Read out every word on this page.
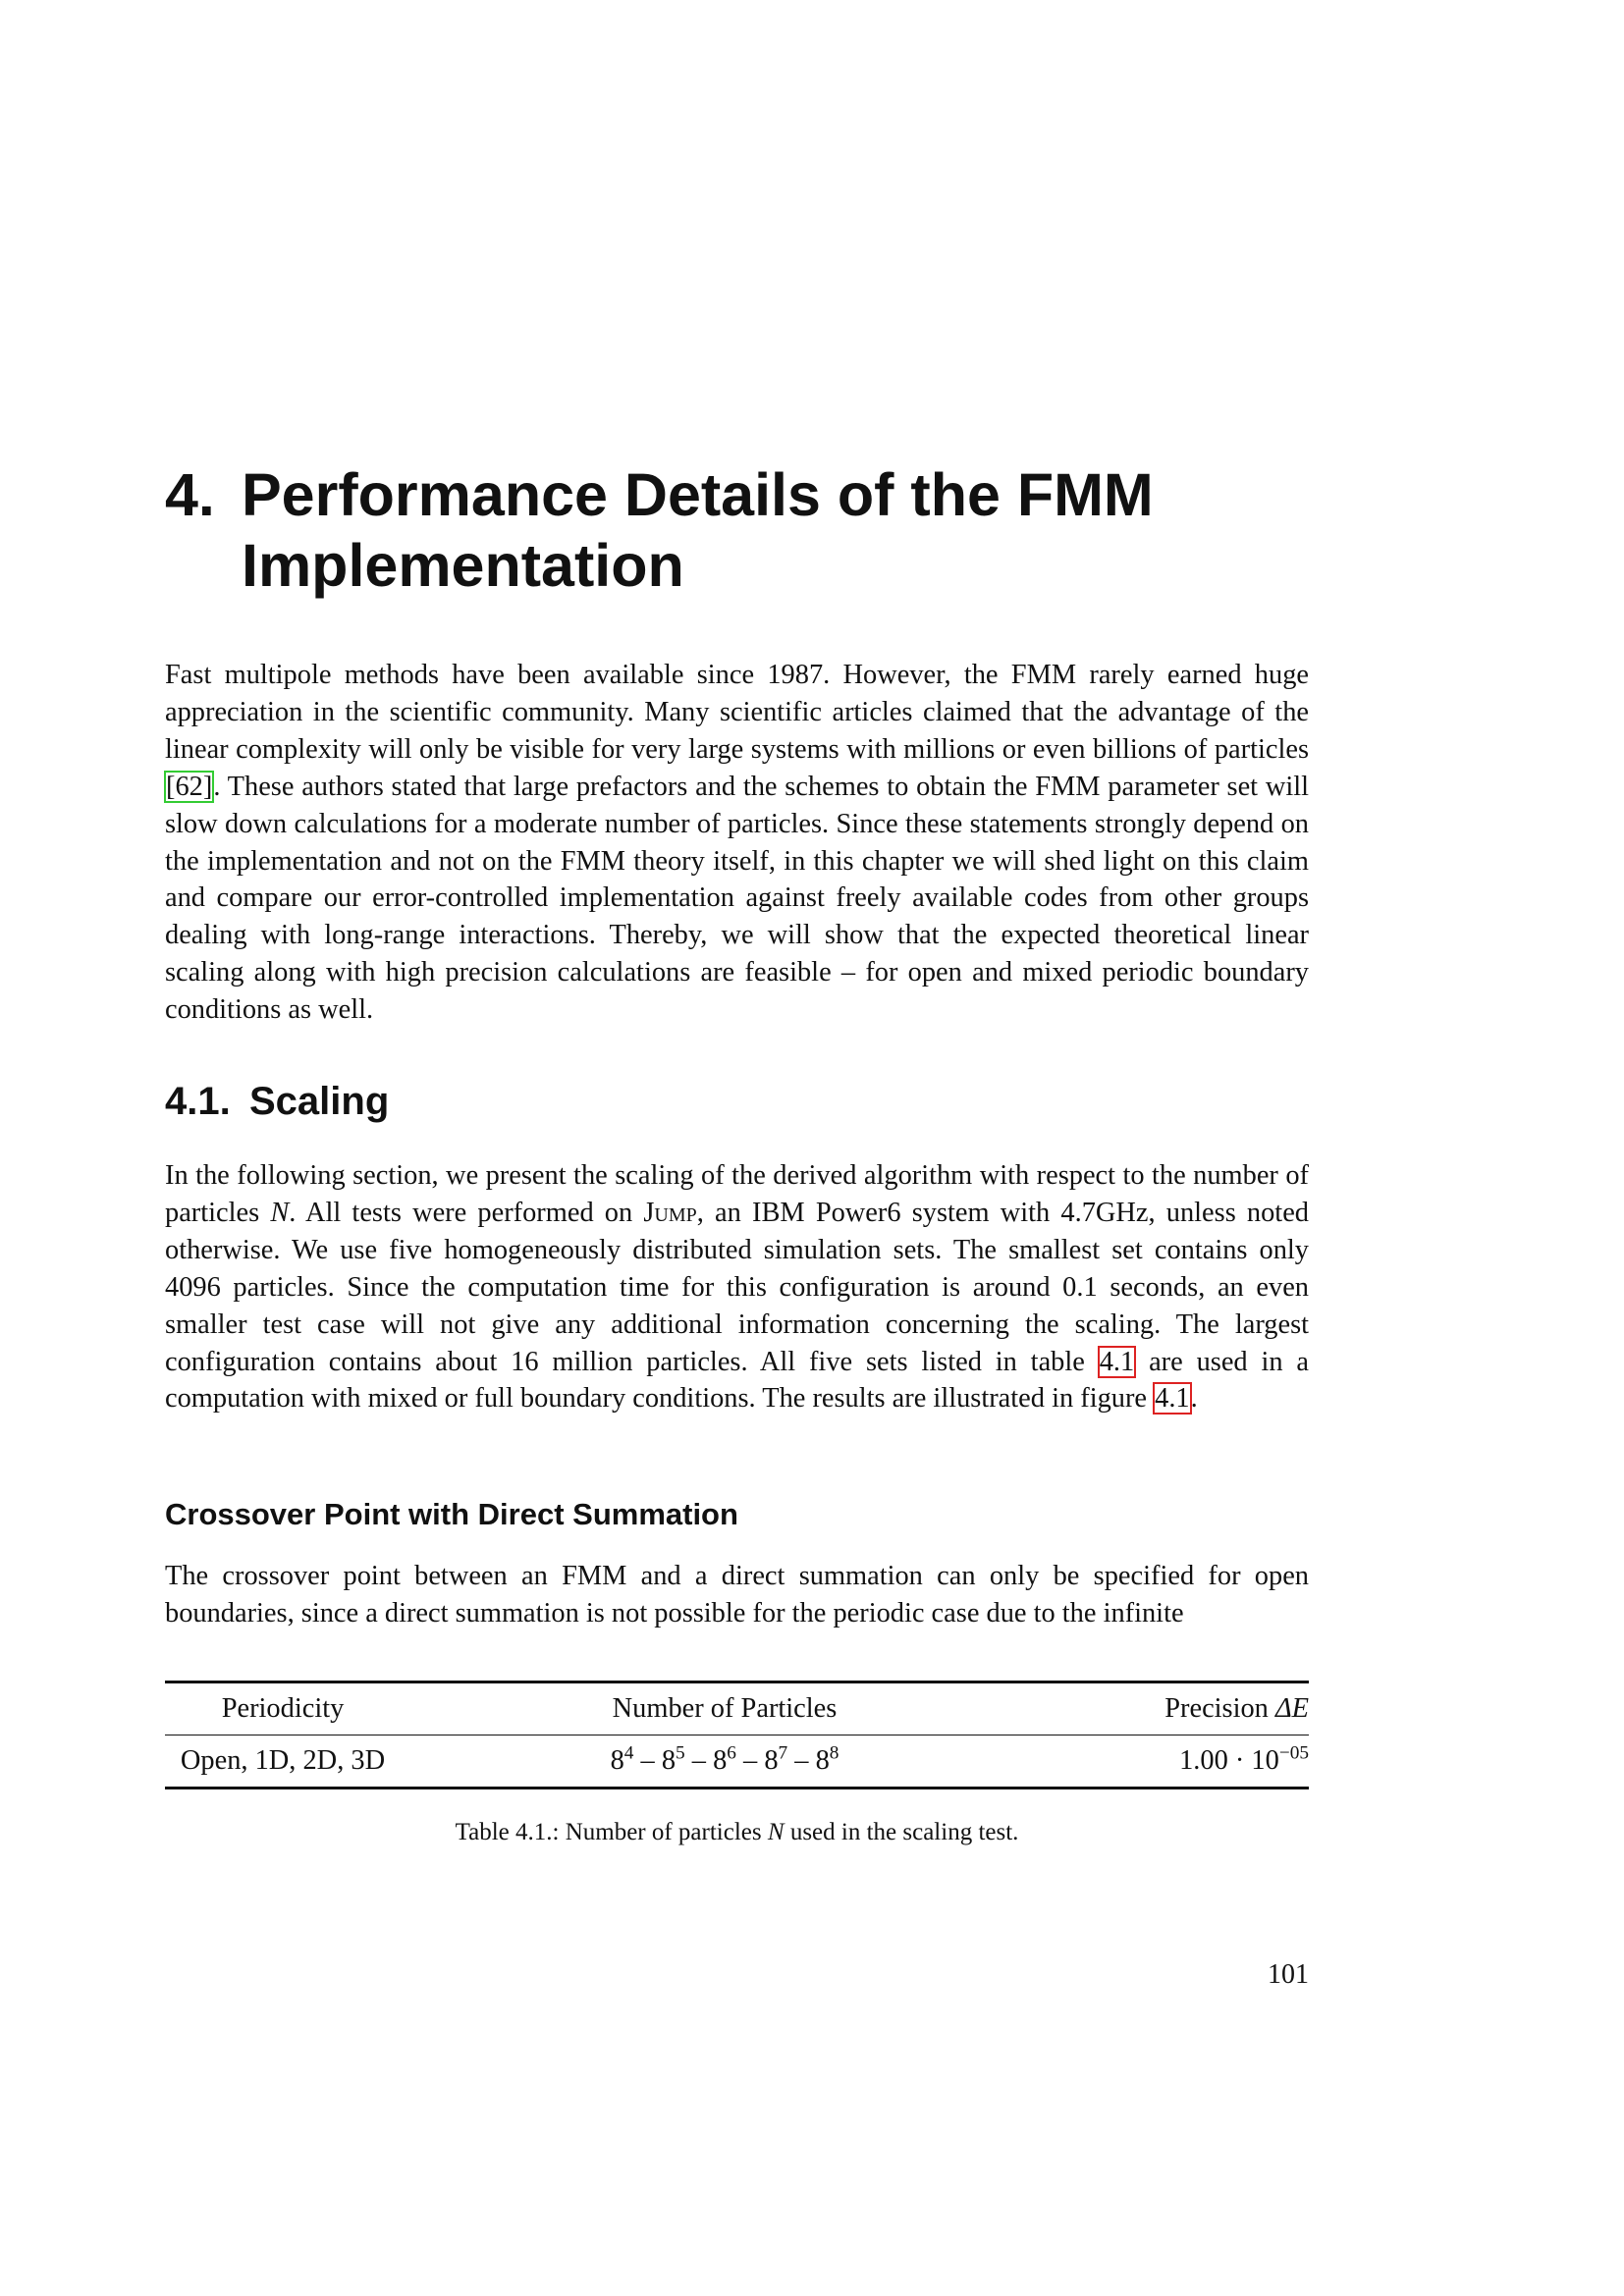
4. Performance Details of the FMM
Implementation

Fast multipole methods have been available since 1987. However, the FMM rarely earned huge appreciation in the scientific community. Many scientific articles claimed that the advantage of the linear complexity will only be visible for very large systems with millions or even billions of particles [62]. These authors stated that large prefactors and the schemes to obtain the FMM parameter set will slow down calculations for a moderate number of particles. Since these statements strongly depend on the implementation and not on the FMM theory itself, in this chapter we will shed light on this claim and compare our error-controlled implementation against freely available codes from other groups dealing with long-range interactions. Thereby, we will show that the expected theoretical linear scaling along with high precision calculations are feasible – for open and mixed periodic boundary conditions as well.

4.1. Scaling

In the following section, we present the scaling of the derived algorithm with respect to the number of particles N. All tests were performed on Jump, an IBM Power6 system with 4.7GHz, unless noted otherwise. We use five homogeneously distributed simulation sets. The smallest set contains only 4096 particles. Since the computation time for this configuration is around 0.1 seconds, an even smaller test case will not give any additional information concerning the scaling. The largest configuration contains about 16 million particles. All five sets listed in table 4.1 are used in a computation with mixed or full boundary conditions. The results are illustrated in figure 4.1.

Crossover Point with Direct Summation

The crossover point between an FMM and a direct summation can only be specified for open boundaries, since a direct summation is not possible for the periodic case due to the infinite

Periodicity	Number of Particles	Precision ΔE
Open, 1D, 2D, 3D	$8^4 - 8^5 - 8^6 - 8^7 - 8^8$	$1.00 \cdot 10^{-05}$
Table 4.1.: Number of particles N used in the scaling test.
101
